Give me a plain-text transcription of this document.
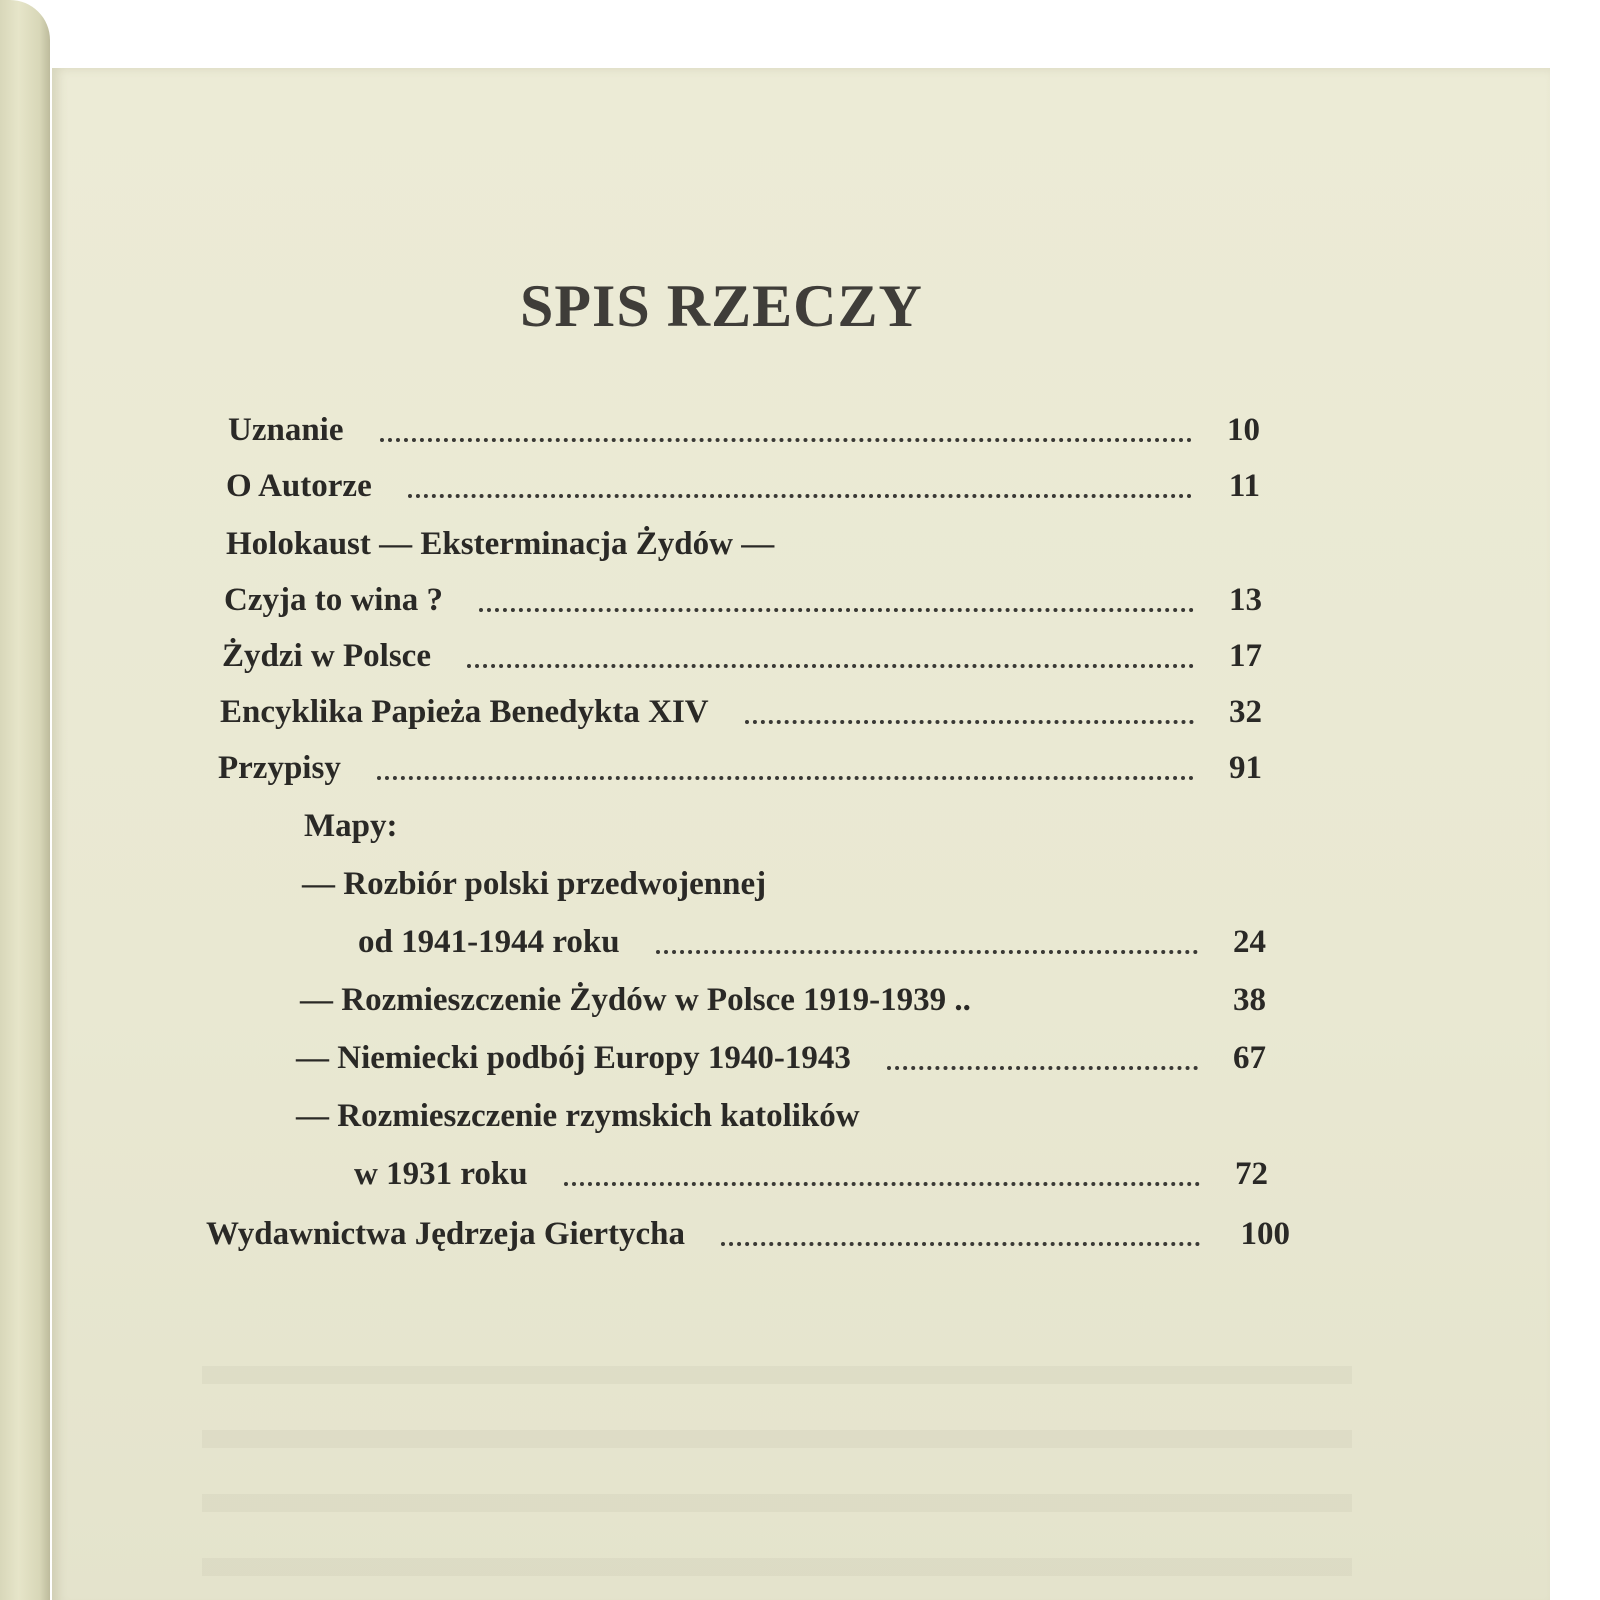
SPIS RZECZY
Uznanie	10
O Autorze	11
Holokaust — Eksterminacja Żydów —
Czyja to wina ?	13
Żydzi w Polsce	17
Encyklika Papieża Benedykta XIV	32
Przypisy	91
Mapy:
— Rozbiór polski przedwojennej
od 1941-1944 roku	24
— Rozmieszczenie Żydów w Polsce 1919-1939 ..	38
— Niemiecki podbój Europy 1940-1943	67
— Rozmieszczenie rzymskich katolików
w 1931 roku	72
Wydawnictwa Jędrzeja Giertycha	100
